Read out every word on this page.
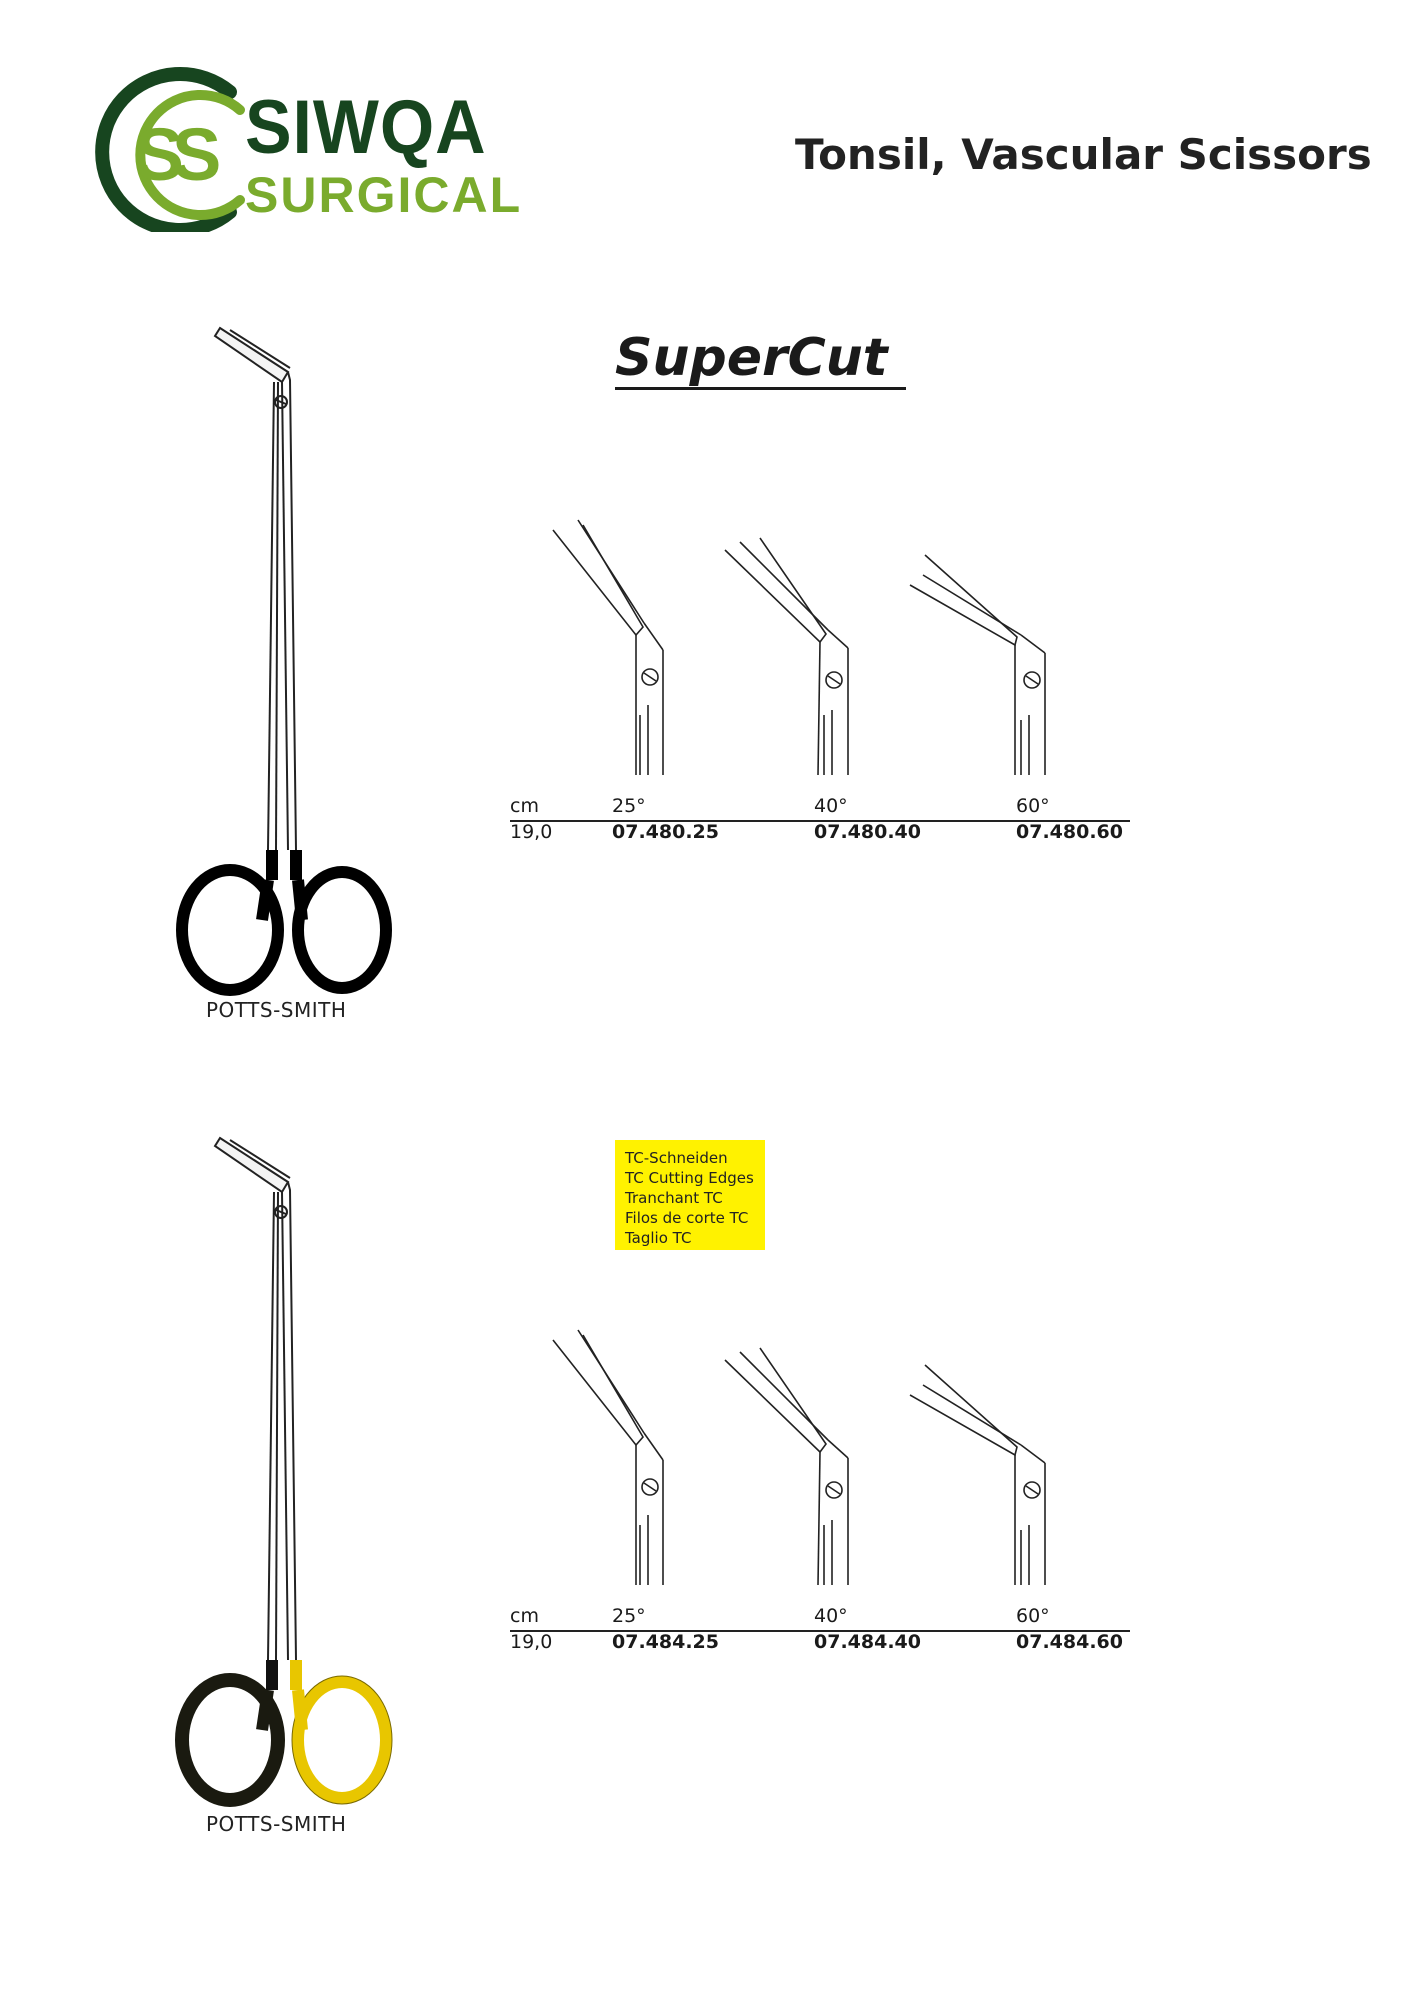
SS SIWQA
SURGICAL
Tonsil, Vascular Scissors
SuperCut
POTTS-SMITH
cm	25°	40°	60°
19,0	07.480.25	07.480.40	07.480.60
TC-Schneiden
TC Cutting Edges
Tranchant TC
Filos de corte TC
Taglio TC
POTTS-SMITH
cm	25°	40°	60°
19,0	07.484.25	07.484.40	07.484.60
